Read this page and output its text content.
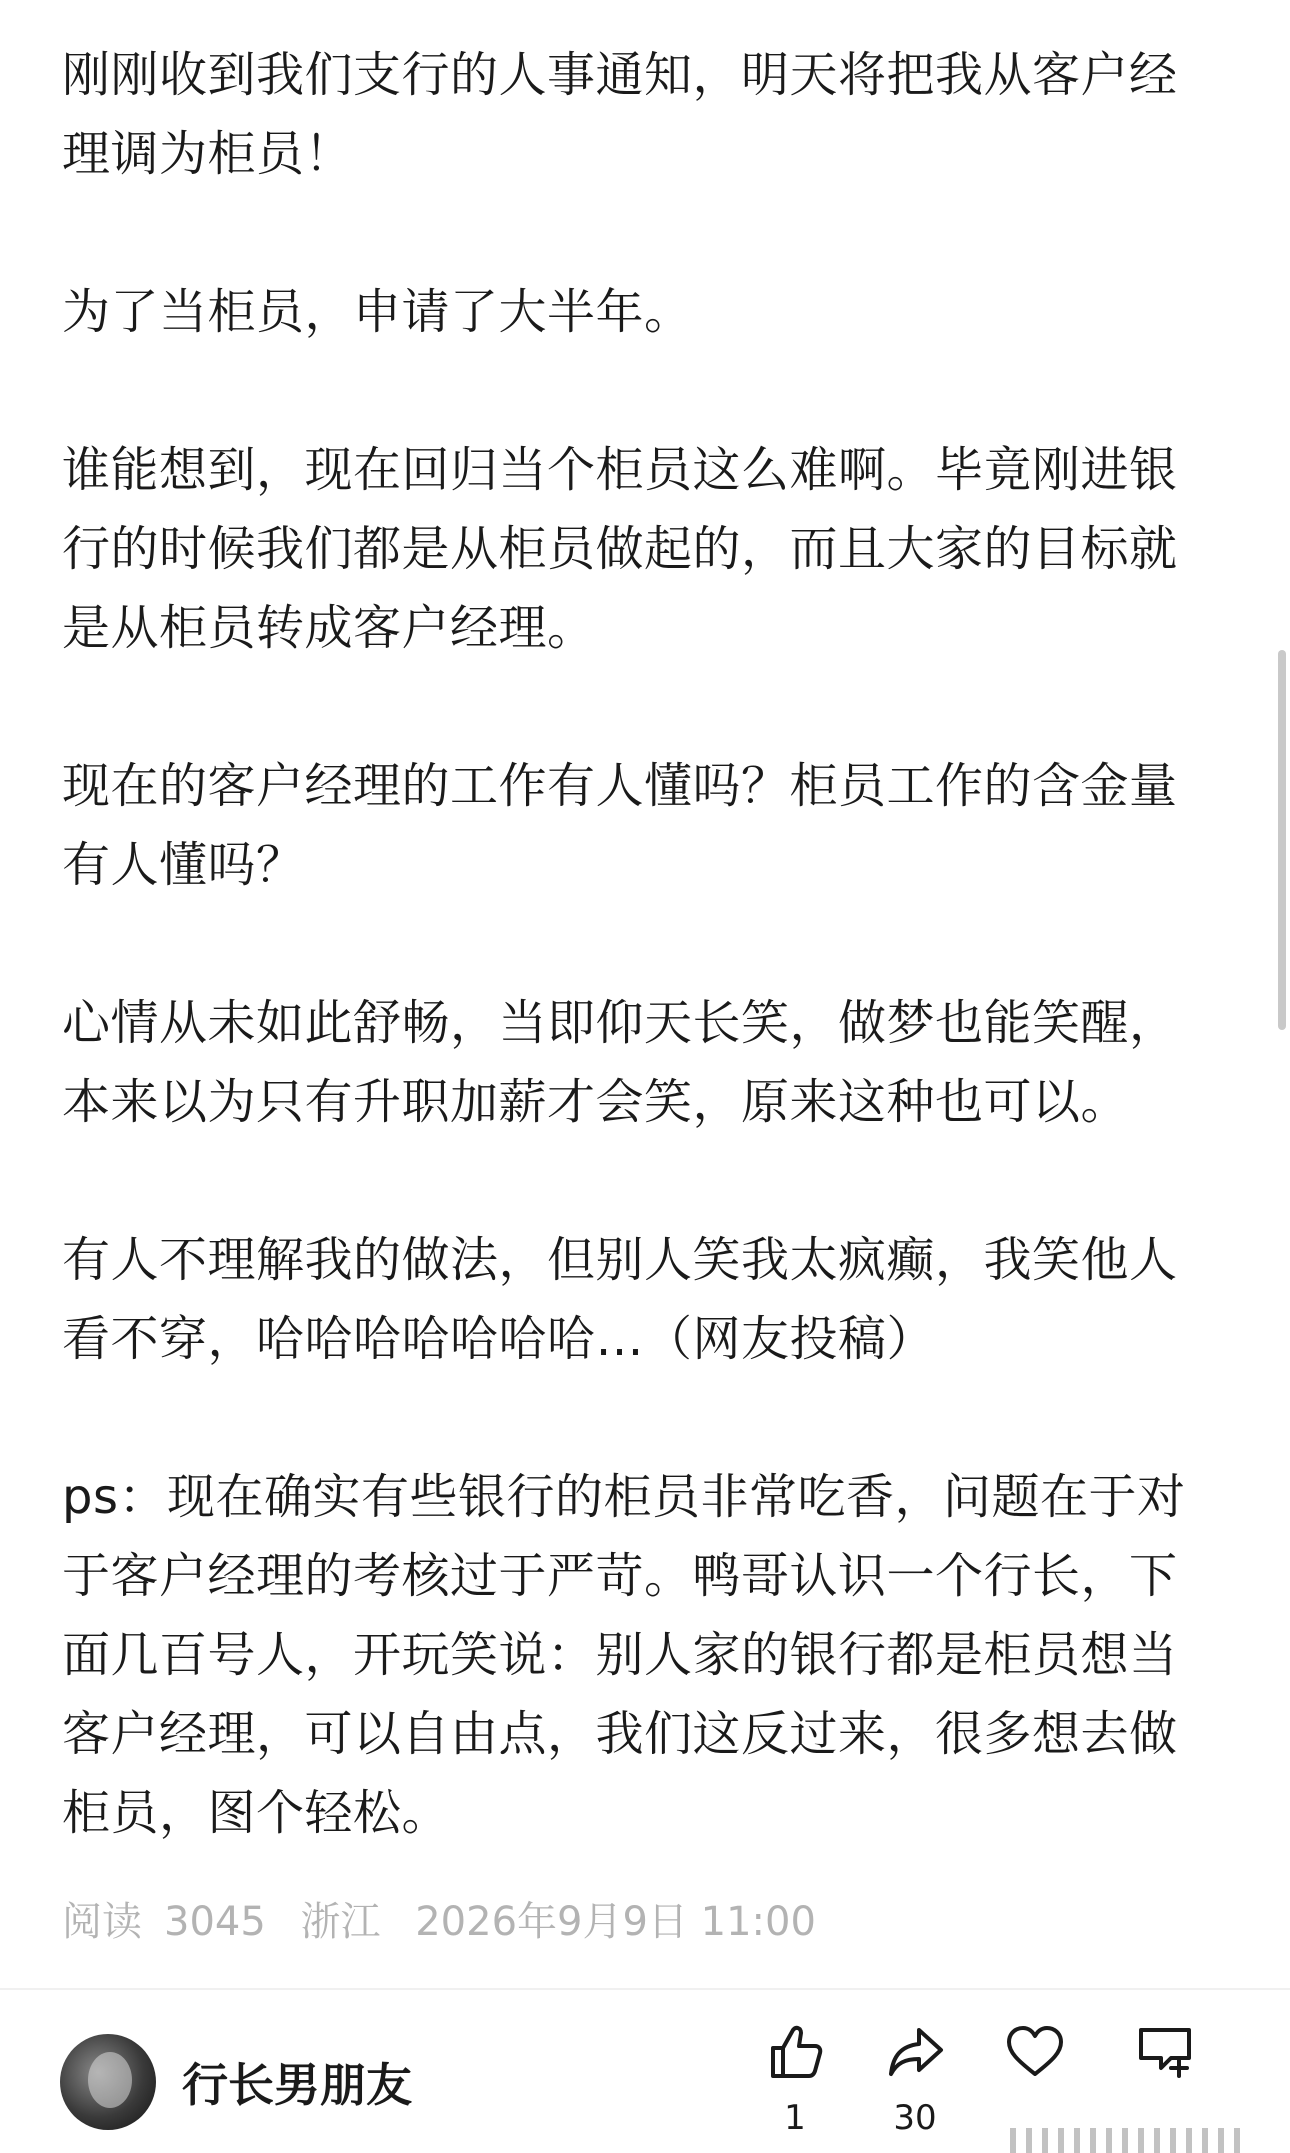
刚刚收到我们支行的人事通知，明天将把我从客户经理调为柜员！

为了当柜员，申请了大半年。

谁能想到，现在回归当个柜员这么难啊。毕竟刚进银行的时候我们都是从柜员做起的，而且大家的目标就是从柜员转成客户经理。

现在的客户经理的工作有人懂吗？柜员工作的含金量有人懂吗？

心情从未如此舒畅，当即仰天长笑，做梦也能笑醒，本来以为只有升职加薪才会笑，原来这种也可以。

有人不理解我的做法，但别人笑我太疯癫，我笑他人看不穿，哈哈哈哈哈哈哈…（网友投稿）

ps：现在确实有些银行的柜员非常吃香，问题在于对于客户经理的考核过于严苛。鸭哥认识一个行长，下面几百号人，开玩笑说：别人家的银行都是柜员想当客户经理，可以自由点，我们这反过来，很多想去做柜员，图个轻松。

阅读 3045 浙江 2026年9月9日 11:00
行长男朋友
1	30
